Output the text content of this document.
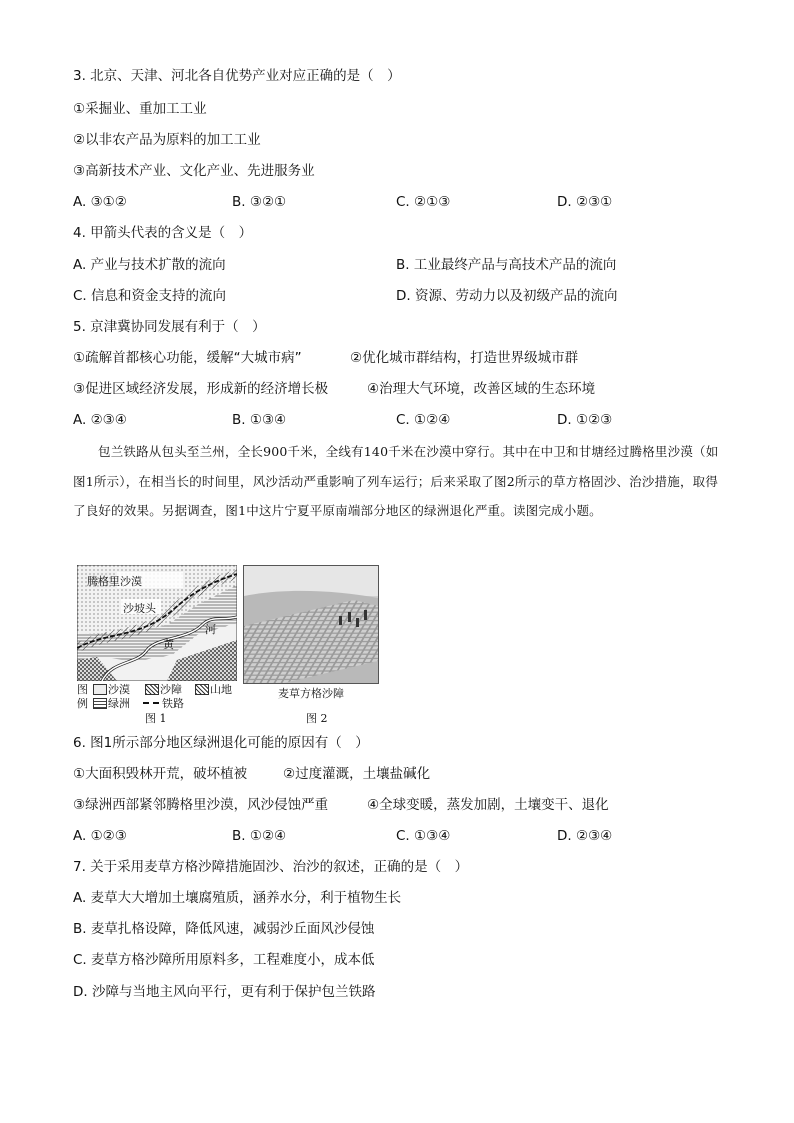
3. 北京、天津、河北各自优势产业对应正确的是（　）
①采掘业、重加工工业
②以非农产品为原料的加工工业
③高新技术产业、文化产业、先进服务业
A. ③①②	B. ③②①	C. ②①③	D. ②③①
4. 甲箭头代表的含义是（　）
A. 产业与技术扩散的流向	B. 工业最终产品与高技术产品的流向
C. 信息和资金支持的流向	D. 资源、劳动力以及初级产品的流向
5. 京津冀协同发展有利于（　）
①疏解首都核心功能，缓解“大城市病”	②优化城市群结构，打造世界级城市群
③促进区域经济发展，形成新的经济增长极	④治理大气环境，改善区域的生态环境
A. ②③④	B. ①③④	C. ①②④	D. ①②③
包兰铁路从包头至兰州，全长900千米，全线有140千米在沙漠中穿行。其中在中卫和甘塘经过腾格里沙漠（如图1所示），在相当长的时间里，风沙活动严重影响了列车运行；后来采取了图2所示的草方格固沙、治沙措施，取得了良好的效果。另据调查，图1中这片宁夏平原南端部分地区的绿洲退化严重。读图完成小题。
腾格里沙漠
沙坡头
黄
河
图
例
沙漠	沙障	山地
绿洲	铁路
图 1
麦草方格沙障
图 2
6. 图1所示部分地区绿洲退化可能的原因有（　）
①大面积毁林开荒，破坏植被	②过度灌溉，土壤盐碱化
③绿洲西部紧邻腾格里沙漠，风沙侵蚀严重	④全球变暖，蒸发加剧，土壤变干、退化
A. ①②③	B. ①②④	C. ①③④	D. ②③④
7. 关于采用麦草方格沙障措施固沙、治沙的叙述，正确的是（　）
A. 麦草大大增加土壤腐殖质，涵养水分，利于植物生长
B. 麦草扎格设障，降低风速，减弱沙丘面风沙侵蚀
C. 麦草方格沙障所用原料多，工程难度小，成本低
D. 沙障与当地主风向平行，更有利于保护包兰铁路
